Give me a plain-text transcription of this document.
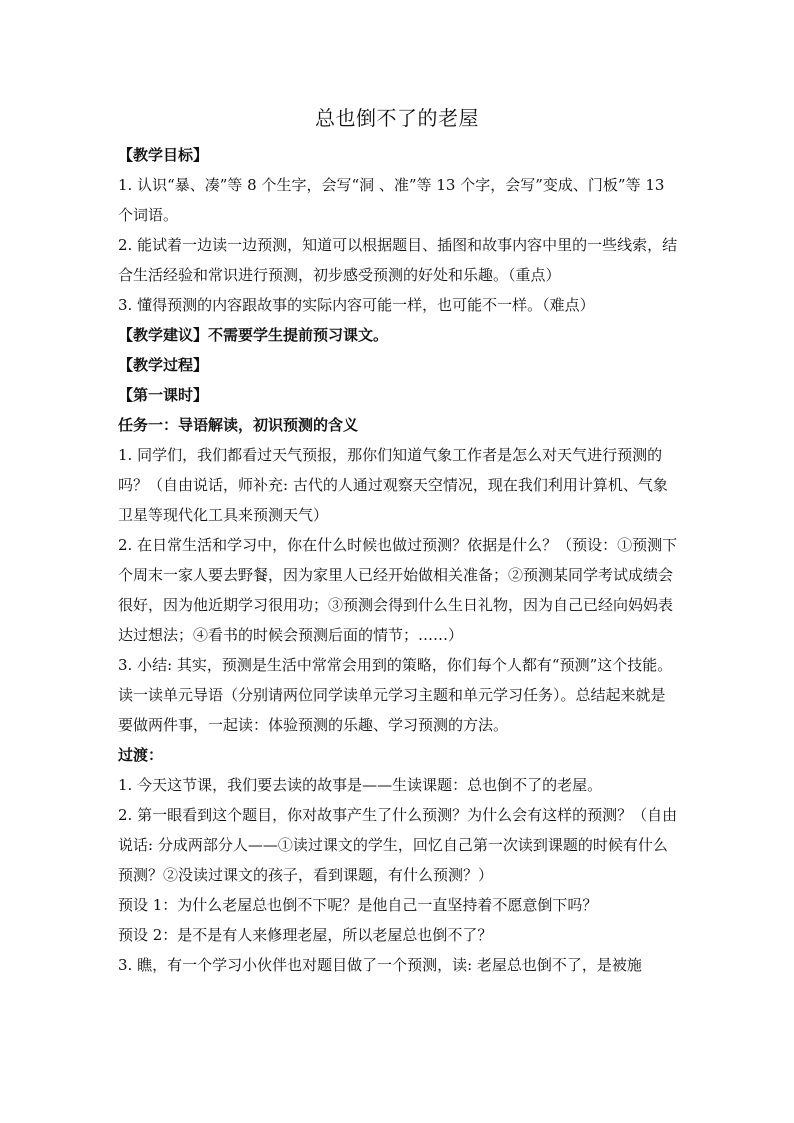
总也倒不了的老屋

【教学目标】

1. 认识“暴、凑”等 8 个生字，会写“洞 、准”等 13 个字，会写”变成、门板”等 13 个词语。

2. 能试着一边读一边预测，知道可以根据题目、插图和故事内容中里的一些线索，结合生活经验和常识进行预测，初步感受预测的好处和乐趣。（重点）

3. 懂得预测的内容跟故事的实际内容可能一样，也可能不一样。（难点）

【教学建议】不需要学生提前预习课文。

【教学过程】

【第一课时】

任务一：导语解读，初识预测的含义

1. 同学们，我们都看过天气预报，那你们知道气象工作者是怎么对天气进行预测的吗？（自由说话，师补充: 古代的人通过观察天空情况，现在我们利用计算机、气象卫星等现代化工具来预测天气）

2. 在日常生活和学习中，你在什么时候也做过预测？依据是什么？（预设：①预测下个周末一家人要去野餐，因为家里人已经开始做相关准备；②预测某同学考试成绩会很好，因为他近期学习很用功；③预测会得到什么生日礼物，因为自己已经向妈妈表达过想法；④看书的时候会预测后面的情节；……）

3. 小结: 其实，预测是生活中常常会用到的策略，你们每个人都有“预测”这个技能。读一读单元导语（分别请两位同学读单元学习主题和单元学习任务）。总结起来就是要做两件事，一起读：体验预测的乐趣、学习预测的方法。

过渡：

1. 今天这节课，我们要去读的故事是——生读课题：总也倒不了的老屋。

2. 第一眼看到这个题目，你对故事产生了什么预测？为什么会有这样的预测？（自由说话: 分成两部分人——①读过课文的学生，回忆自己第一次读到课题的时候有什么预测？②没读过课文的孩子，看到课题，有什么预测？）

预设 1：为什么老屋总也倒不下呢？是他自己一直坚持着不愿意倒下吗？

预设 2：是不是有人来修理老屋，所以老屋总也倒不了？

3. 瞧，有一个学习小伙伴也对题目做了一个预测，读: 老屋总也倒不了，是被施
